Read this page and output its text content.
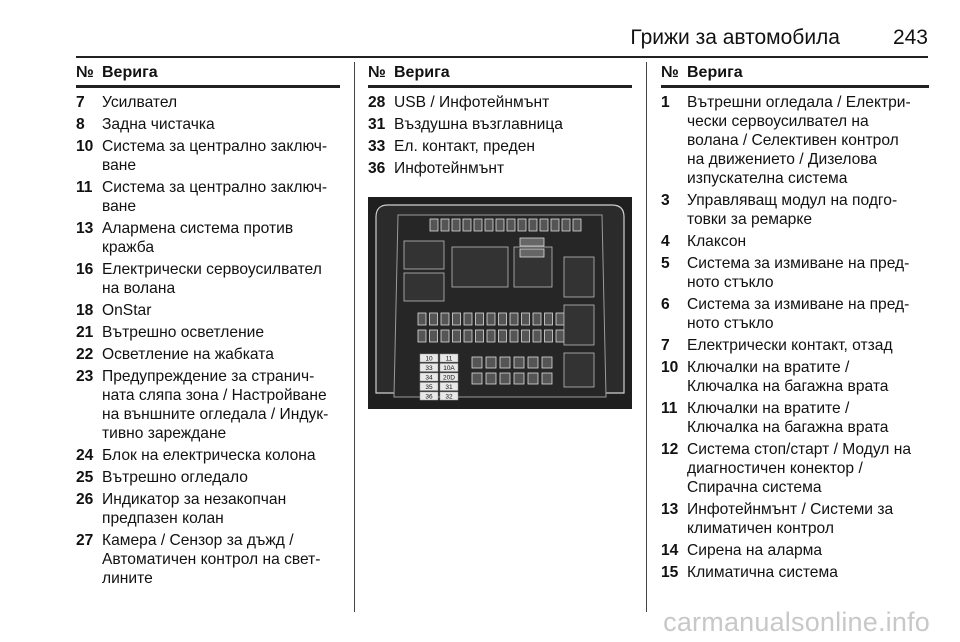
Грижи за автомобила	243
№ Верига
7	Усилвател
8	Задна чистачка
10 Система за централно заключ-
ване
11 Система за централно заключ-
ване
13 Алармена система против
кражба
16 Електрически сервоусилвател
на волана
18 OnStar
21 Вътрешно осветление
22 Осветление на жабката
23 Предупреждение за странич-
ната сляпа зона / Настройване
на външните огледала / Индук-
тивно зареждане
24 Блок на електрическа колона
25 Вътрешно огледало
26 Индикатор за незакопчан
предпазен колан
27 Камера / Сензор за дъжд /
Автоматичен контрол на свет-
лините
№ Верига
28 USB / Инфотейнмънт
31 Въздушна възглавница
33 Ел. контакт, преден
36 Инфотейнмънт
№ Верига
1	Вътрешни огледала / Електри-
чески сервоусилвател на
волана / Селективен контрол
на движението / Дизелова
изпускателна система
3	Управляващ модул на подго-
товки за ремарке
4	Клаксон
5	Система за измиване на пред-
ното стъкло
6	Система за измиване на пред-
ното стъкло
7	Електрически контакт, отзад
10 Ключалки на вратите /
Ключалка на багажна врата
11 Ключалки на вратите /
Ключалка на багажна врата
12 Система стоп/старт / Модул на
диагностичен конектор /
Спирачна система
13 Инфотейнмънт / Системи за
климатичен контрол
14 Сирена на аларма
15 Климатична система
10 11
33 10A
34 20D
35 31
36 32
carmanualsonline.info
